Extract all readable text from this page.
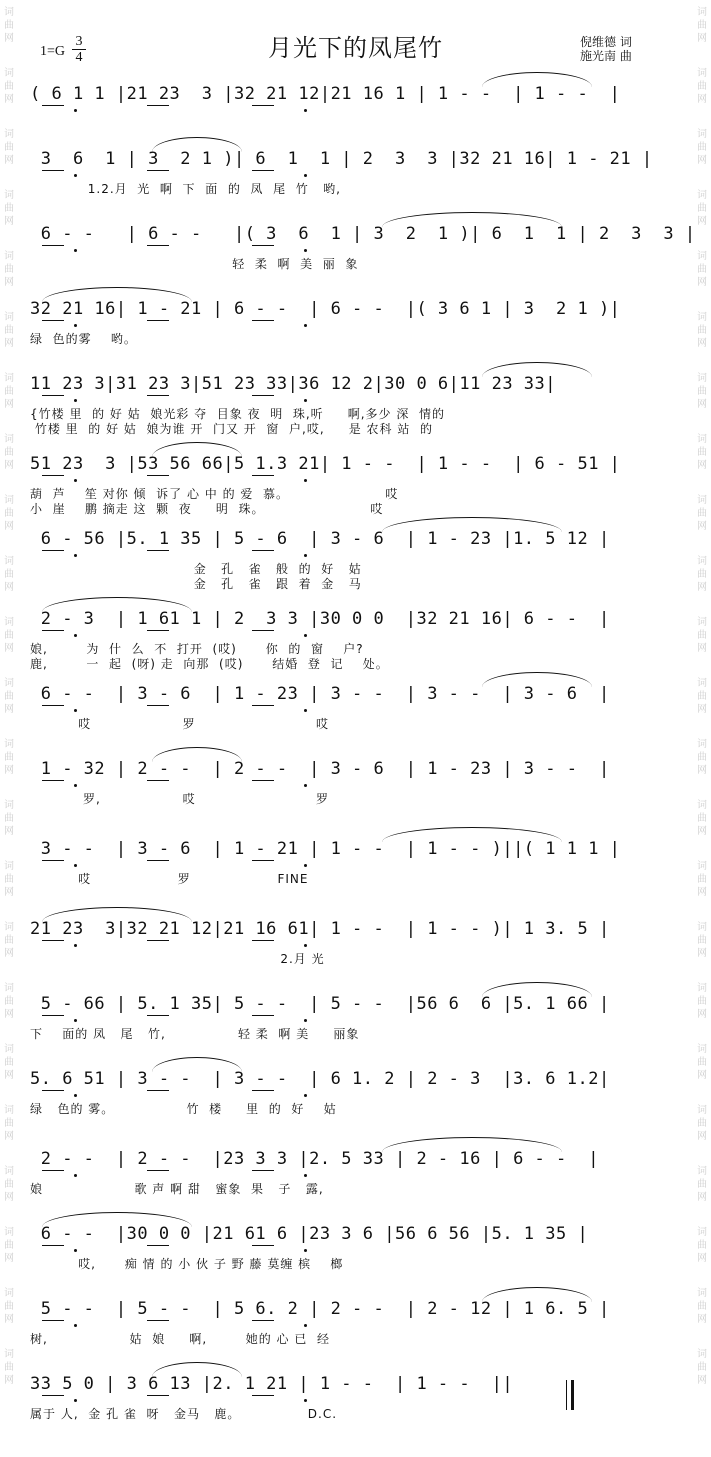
词
曲
网
词
曲
网
词
曲
网
词
曲
网
词
曲
网
词
曲
网
词
曲
网
词
曲
网
词
曲
网
词
曲
网
词
曲
网
词
曲
网
词
曲
网
词
曲
网
词
曲
网
词
曲
网
词
曲
网
词
曲
网
词
曲
网
词
曲
网
词
曲
网
词
曲
网
词
曲
网
词
曲
网
词
曲
网
词
曲
网
词
曲
网
词
曲
网
词
曲
网
词
曲
网
词
曲
网
词
曲
网
词
曲
网
词
曲
网
词
曲
网
词
曲
网
词
曲
网
词
曲
网
词
曲
网
词
曲
网
词
曲
网
词
曲
网
词
曲
网
词
曲
网
词
曲
网
词
曲
网
1=G
3
4	月光下的凤尾竹	倪维德 词
施光南 曲
( 6 1 1 |21 23  3 |32 21 12|21 16 1 | 1 - -  | 1 - -  |
3  6  1 | 3  2 1 )| 6  1  1 | 2  3  3 |32 21 16| 1 - 21 |
1.2.月  光  啊  下  面  的  凤  尾  竹   哟,
6 - -   | 6 - -   |( 3  6  1 | 3  2  1 )| 6  1  1 | 2  3  3 |
轻  柔  啊  美  丽  象
32 21 16| 1 - 21 | 6 - -  | 6 - -  |( 3 6 1 | 3  2 1 )|
绿  色的雾    哟。
11 23 3|31 23 3|51 23 33|36 12 2|30 0 6|11 23 33|
{竹楼 里  的 好 姑  娘光彩 夺  目象 夜  明  珠,听     啊,多少 深  情的
竹楼 里  的 好 姑  娘为谁 开  门又 开  窗  户,哎,     是 农科 站  的
51 23  3 |53 56 66|5 1.3 21| 1 - -  | 1 - -  | 6 - 51 |
葫  芦    笙 对你 倾  诉了 心 中 的 爱  慕。                    哎
小  崖    鹏 摘走 这  颗  夜     明  珠。                      哎
6 - 56 |5. 1 35 | 5 - 6  | 3 - 6  | 1 - 23 |1. 5 12 |
金   孔   雀   般  的  好   姑
金   孔   雀   跟  着  金   马
2 - 3  | 1 61 1 | 2  3 3 |30 0 0  |32 21 16| 6 - -  |
娘,        为  什  么  不  打开  (哎)      你  的  窗    户?
鹿,        一  起  (呀) 走  向那  (哎)      结婚  登  记    处。
6 - -  | 3 - 6  | 1 - 23 | 3 - -  | 3 - -  | 3 - 6  |
哎                   罗                         哎
1 - 32 | 2 - -  | 2 - -  | 3 - 6  | 1 - 23 | 3 - -  |
罗,                 哎                         罗
3 - -  | 3 - 6  | 1 - 21 | 1 - -  | 1 - - )||( 1 1 1 |
哎                  罗                  FINE
21 23  3|32 21 12|21 16 61| 1 - -  | 1 - - )| 1 3. 5 |
2.月 光
5 - 66 | 5. 1 35| 5 - -  | 5 - -  |56 6  6 |5. 1 66 |
下    面的 凤   尾   竹,               轻 柔  啊 美     丽象
5. 6 51 | 3 - -  | 3 - -  | 6 1. 2 | 2 - 3  |3. 6 1.2|
绿   色的 雾。               竹  楼     里  的  好    姑
2 - -  | 2 - -  |23 3 3 |2. 5 33 | 2 - 16 | 6 - -  |
娘                   歌 声 啊 甜   蜜象  果   子   露,
6 - -  |30 0 0 |21 61 6 |23 3 6 |56 6 56 |5. 1 35 |
哎,      痴 情 的 小 伙 子 野 藤 莫缠 槟    榔
5 - -  | 5 - -  | 5 6. 2 | 2 - -  | 2 - 12 | 1 6. 5 |
树,                 姑  娘     啊,        她的 心 已  经
33 5 0 | 3 6 13 |2. 1 21 | 1 - -  | 1 - -  ||
属于 人,  金 孔 雀  呀   金马   鹿。              D.C.
